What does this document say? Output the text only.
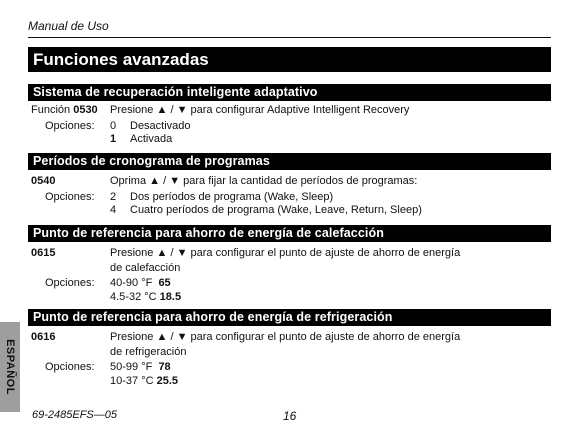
Manual de Uso
Funciones avanzadas
Sistema de recuperación inteligente adaptativo
Función 0530 Presione ▲ / ▼ para configurar Adaptive Intelligent Recovery
Opciones: 0 Desactivado
1 Activada
Períodos de cronograma de programas
0540	Oprima ▲ / ▼ para fijar la cantidad de períodos de programas:
Opciones: 2 Dos períodos de programa (Wake, Sleep)
4 Cuatro períodos de programa (Wake, Leave, Return, Sleep)
Punto de referencia para ahorro de energía de calefacción
0615	Presione ▲ / ▼ para configurar el punto de ajuste de ahorro de energía
de calefacción
Opciones: 40-90 °F 65
4.5-32 °C 18.5
Punto de referencia para ahorro de energía de refrigeración
0616	Presione ▲ / ▼ para configurar el punto de ajuste de ahorro de energía
de refrigeración
Opciones: 50-99 °F 78
10-37 °C 25.5
ESPAÑOL
69-2485EFS—05	16
